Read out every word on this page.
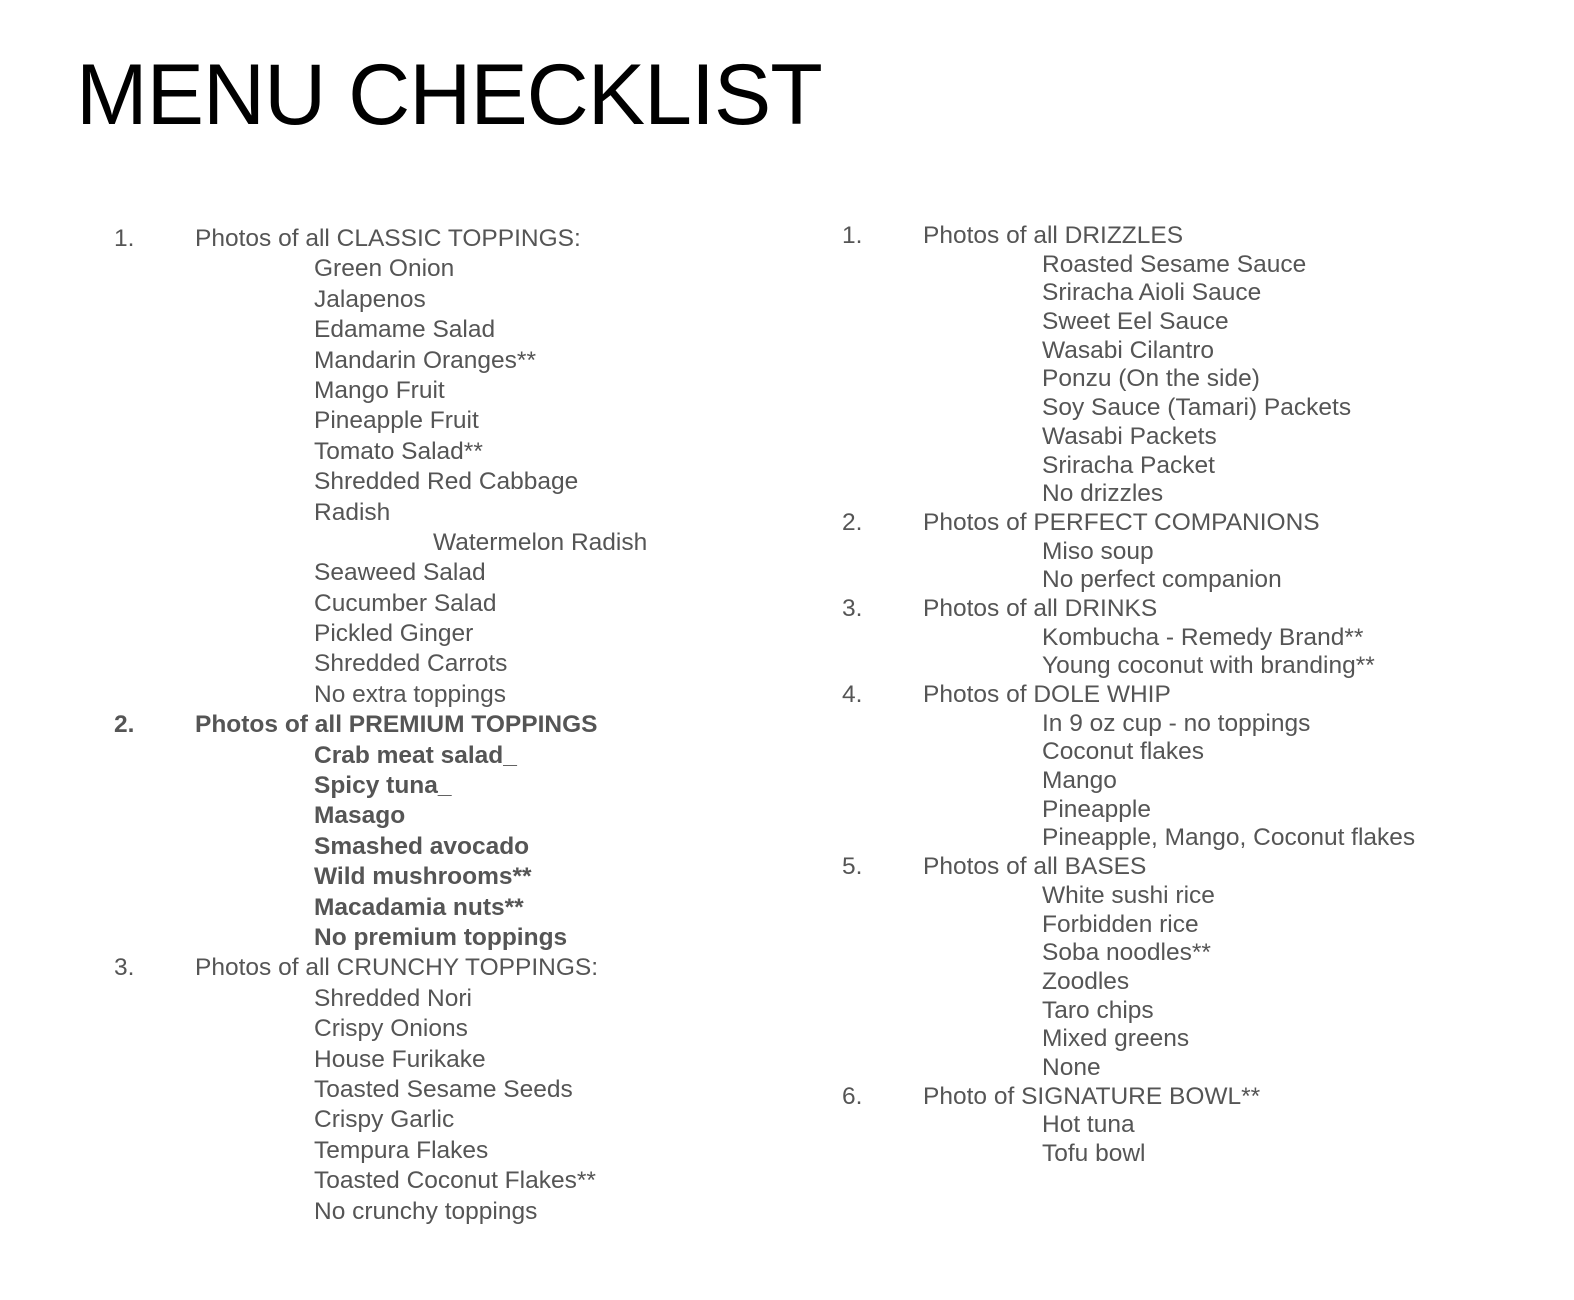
MENU CHECKLIST
1. Photos of all CLASSIC TOPPINGS:
Green Onion
Jalapenos
Edamame Salad
Mandarin Oranges**
Mango Fruit
Pineapple Fruit
Tomato Salad**
Shredded Red Cabbage
Radish
Watermelon Radish
Seaweed Salad
Cucumber Salad
Pickled Ginger
Shredded Carrots
No extra toppings
2. Photos of all PREMIUM TOPPINGS
Crab meat salad_
Spicy tuna_
Masago
Smashed avocado
Wild mushrooms**
Macadamia nuts**
No premium toppings
3. Photos of all CRUNCHY TOPPINGS:
Shredded Nori
Crispy Onions
House Furikake
Toasted Sesame Seeds
Crispy Garlic
Tempura Flakes
Toasted Coconut Flakes**
No crunchy toppings
1. Photos of all DRIZZLES
Roasted Sesame Sauce
Sriracha Aioli Sauce
Sweet Eel Sauce
Wasabi Cilantro
Ponzu (On the side)
Soy Sauce (Tamari) Packets
Wasabi Packets
Sriracha Packet
No drizzles
2. Photos of PERFECT COMPANIONS
Miso soup
No perfect companion
3. Photos of all DRINKS
Kombucha - Remedy Brand**
Young coconut with branding**
4. Photos of DOLE WHIP
In 9 oz cup - no toppings
Coconut flakes
Mango
Pineapple
Pineapple, Mango, Coconut flakes
5. Photos of all BASES
White sushi rice
Forbidden rice
Soba noodles**
Zoodles
Taro chips
Mixed greens
None
6. Photo of SIGNATURE BOWL**
Hot tuna
Tofu bowl
